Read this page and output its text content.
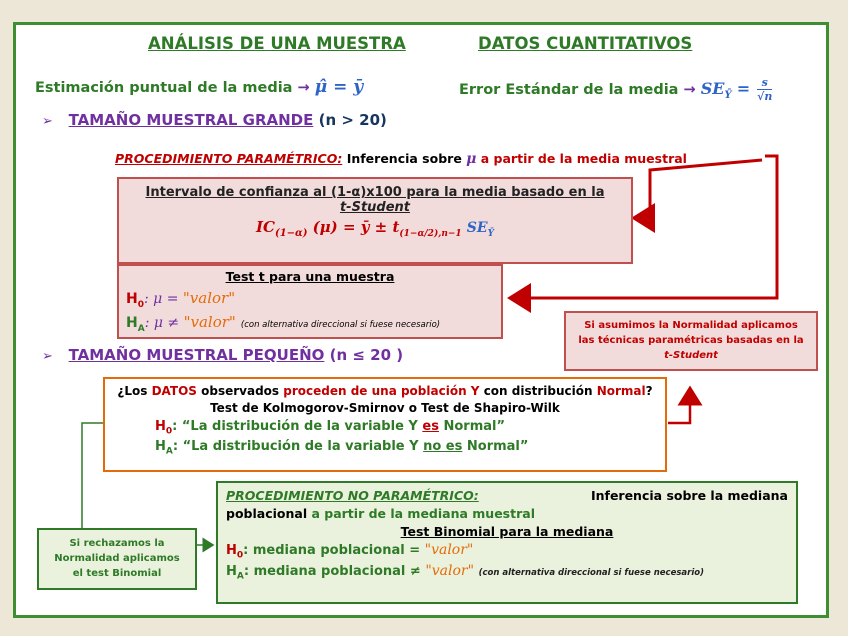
ANÁLISIS DE UNA MUESTRA	DATOS CUANTITATIVOS
Estimación puntual de la media → μ̂ = ȳ	Error Estándar de la media → $SE_Ȳ = \frac{s}{√n}$
➢ TAMAÑO MUESTRAL GRANDE (n > 20)
PROCEDIMIENTO PARAMÉTRICO: Inferencia sobre μ a partir de la media muestral
Intervalo de confianza al (1-α)x100 para la media basado en la
t-Student
$IC_{(1-\alpha)}$ (μ) = ȳ ± $t_{(1-\alpha/2),n-1}$ $SE_Ȳ$
Test t para una muestra
$H_0$: μ = "valor"
$H_A$: μ ≠ "valor" (con alternativa direccional si fuese necesario)	Si asumimos la Normalidad aplicamos
las técnicas paramétricas basadas en la
t-Student
➢ TAMAÑO MUESTRAL PEQUEÑO (n ≤ 20 )
¿Los DATOS observados proceden de una población Y con distribución Normal?
Test de Kolmogorov-Smirnov o Test de Shapiro-Wilk
$H_0$: “La distribución de la variable Y es Normal”
$H_A$: “La distribución de la variable Y no es Normal”
Si rechazamos la
Normalidad aplicamos
el test Binomial
PROCEDIMIENTO NO PARAMÉTRICO:	Inferencia sobre la mediana
poblacional a partir de la mediana muestral
Test Binomial para la mediana
$H_0$: mediana poblacional = "valor"
$H_A$: mediana poblacional ≠ "valor" (con alternativa direccional si fuese necesario)
